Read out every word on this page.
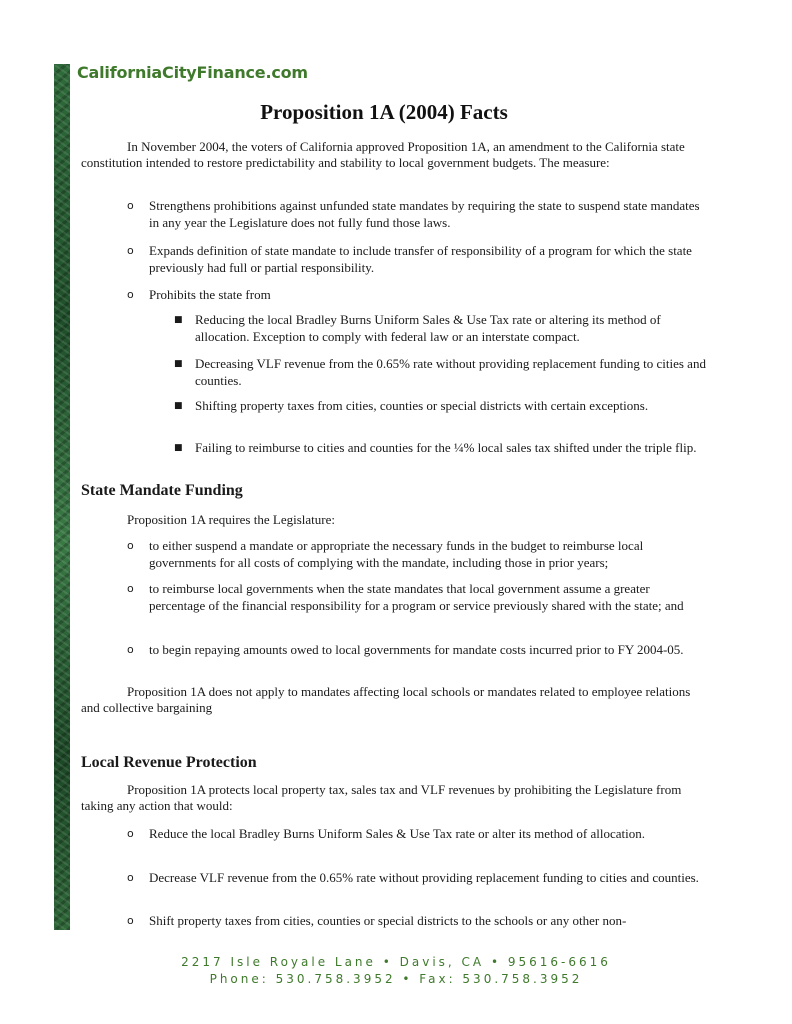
CaliforniaCityFinance.com
Proposition 1A (2004) Facts

In November 2004, the voters of California approved Proposition 1A, an amendment to the California state constitution intended to restore predictability and stability to local government budgets. The measure:

o Strengthens prohibitions against unfunded state mandates by requiring the state to suspend state mandates in any year the Legislature does not fully fund those laws.
o Expands definition of state mandate to include transfer of responsibility of a program for which the state previously had full or partial responsibility.
o Prohibits the state from
■ Reducing the local Bradley Burns Uniform Sales & Use Tax rate or altering its method of allocation. Exception to comply with federal law or an interstate compact.
■ Decreasing VLF revenue from the 0.65% rate without providing replacement funding to cities and counties.
■ Shifting property taxes from cities, counties or special districts with certain exceptions.
■ Failing to reimburse to cities and counties for the ¼% local sales tax shifted under the triple flip.
State Mandate Funding

Proposition 1A requires the Legislature:

o to either suspend a mandate or appropriate the necessary funds in the budget to reimburse local governments for all costs of complying with the mandate, including those in prior years;
o to reimburse local governments when the state mandates that local government assume a greater percentage of the financial responsibility for a program or service previously shared with the state; and
o to begin repaying amounts owed to local governments for mandate costs incurred prior to FY 2004-05.

Proposition 1A does not apply to mandates affecting local schools or mandates related to employee relations and collective bargaining

Local Revenue Protection

Proposition 1A protects local property tax, sales tax and VLF revenues by prohibiting the Legislature from taking any action that would:

o Reduce the local Bradley Burns Uniform Sales & Use Tax rate or alter its method of allocation.
o Decrease VLF revenue from the 0.65% rate without providing replacement funding to cities and counties.
o Shift property taxes from cities, counties or special districts to the schools or any other non-
2217 Isle Royale Lane • Davis, CA • 95616-6616
Phone: 530.758.3952 • Fax: 530.758.3952
